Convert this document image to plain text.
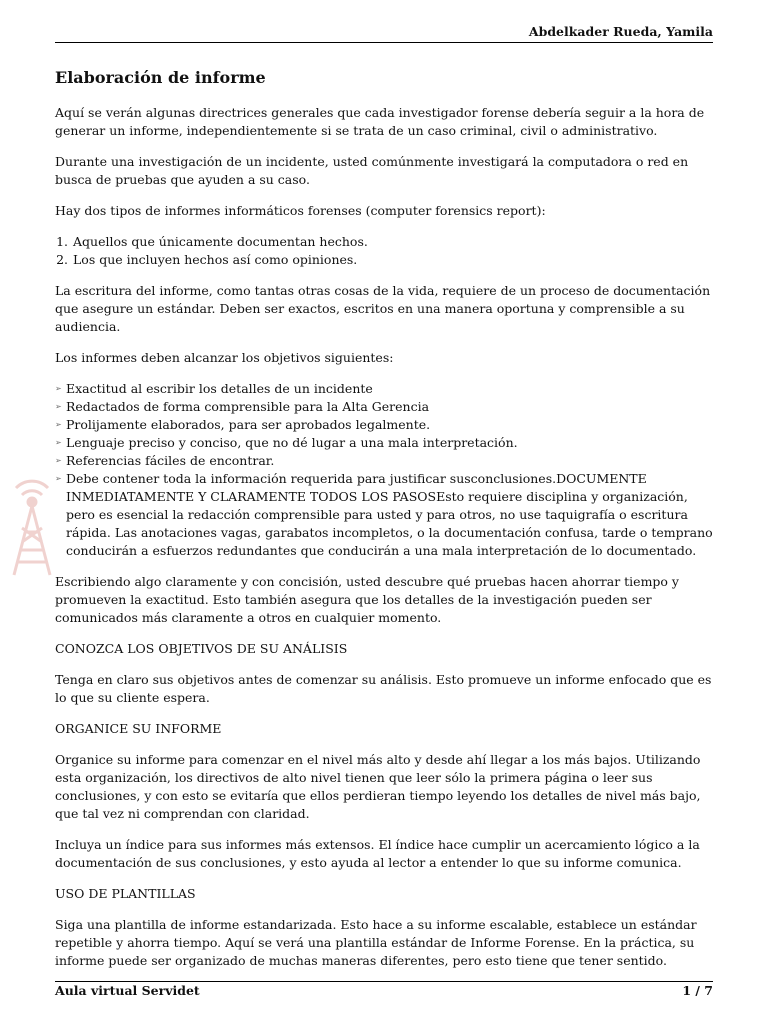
Abdelkader Rueda, Yamila

Elaboración de informe

Aquí se verán algunas directrices generales que cada investigador forense debería seguir a la hora de generar un informe, independientemente si se trata de un caso criminal, civil o administrativo.

Durante una investigación de un incidente, usted comúnmente investigará la computadora o red en busca de pruebas que ayuden a su caso.

Hay dos tipos de informes informáticos forenses (computer forensics report):

1. Aquellos que únicamente documentan hechos.
2. Los que incluyen hechos así como opiniones.

La escritura del informe, como tantas otras cosas de la vida, requiere de un proceso de documentación que asegure un estándar. Deben ser exactos, escritos en una manera oportuna y comprensible a su audiencia.

Los informes deben alcanzar los objetivos siguientes:

➢ Exactitud al escribir los detalles de un incidente
➢ Redactados de forma comprensible para la Alta Gerencia
➢ Prolijamente elaborados, para ser aprobados legalmente.
➢ Lenguaje preciso y conciso, que no dé lugar a una mala interpretación.
➢ Referencias fáciles de encontrar.
➢ Debe contener toda la información requerida para justificar susconclusiones.DOCUMENTE INMEDIATAMENTE Y CLARAMENTE TODOS LOS PASOSEsto requiere disciplina y organización, pero es esencial la redacción comprensible para usted y para otros, no use taquigrafía o escritura rápida. Las anotaciones vagas, garabatos incompletos, o la documentación confusa, tarde o temprano conducirán a esfuerzos redundantes que conducirán a una mala interpretación de lo documentado.

Escribiendo algo claramente y con concisión, usted descubre qué pruebas hacen ahorrar tiempo y promueven la exactitud. Esto también asegura que los detalles de la investigación pueden ser comunicados más claramente a otros en cualquier momento.

CONOZCA LOS OBJETIVOS DE SU ANÁLISIS

Tenga en claro sus objetivos antes de comenzar su análisis. Esto promueve un informe enfocado que es lo que su cliente espera.

ORGANICE SU INFORME

Organice su informe para comenzar en el nivel más alto y desde ahí llegar a los más bajos. Utilizando esta organización, los directivos de alto nivel tienen que leer sólo la primera página o leer sus conclusiones, y con esto se evitaría que ellos perdieran tiempo leyendo los detalles de nivel más bajo, que tal vez ni comprendan con claridad.

Incluya un índice para sus informes más extensos. El índice hace cumplir un acercamiento lógico a la documentación de sus conclusiones, y esto ayuda al lector a entender lo que su informe comunica.

USO DE PLANTILLAS

Siga una plantilla de informe estandarizada. Esto hace a su informe escalable, establece un estándar repetible y ahorra tiempo. Aquí se verá una plantilla estándar de Informe Forense. En la práctica, su informe puede ser organizado de muchas maneras diferentes, pero esto tiene que tener sentido.

Aula virtual Servidet	1 / 7
